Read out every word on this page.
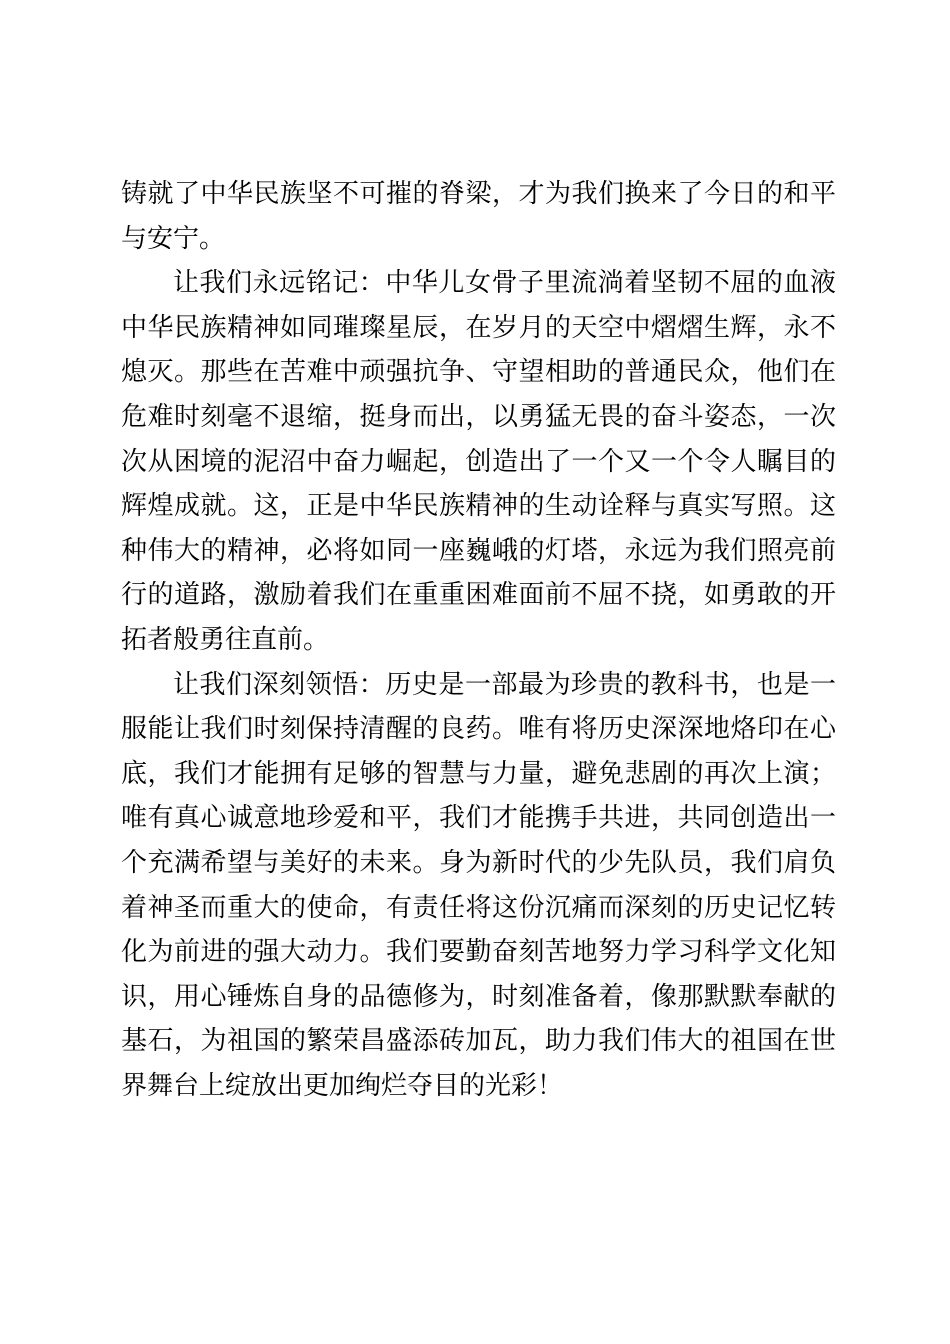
铸就了中华民族坚不可摧的脊梁，才为我们换来了今日的和平
与安宁。
让我们永远铭记：中华儿女骨子里流淌着坚韧不屈的血液
中华民族精神如同璀璨星辰，在岁月的天空中熠熠生辉，永不
熄灭。那些在苦难中顽强抗争、守望相助的普通民众，他们在
危难时刻毫不退缩，挺身而出，以勇猛无畏的奋斗姿态，一次
次从困境的泥沼中奋力崛起，创造出了一个又一个令人瞩目的
辉煌成就。这，正是中华民族精神的生动诠释与真实写照。这
种伟大的精神，必将如同一座巍峨的灯塔，永远为我们照亮前
行的道路，激励着我们在重重困难面前不屈不挠，如勇敢的开
拓者般勇往直前。
让我们深刻领悟：历史是一部最为珍贵的教科书，也是一
服能让我们时刻保持清醒的良药。唯有将历史深深地烙印在心
底，我们才能拥有足够的智慧与力量，避免悲剧的再次上演；
唯有真心诚意地珍爱和平，我们才能携手共进，共同创造出一
个充满希望与美好的未来。身为新时代的少先队员，我们肩负
着神圣而重大的使命，有责任将这份沉痛而深刻的历史记忆转
化为前进的强大动力。我们要勤奋刻苦地努力学习科学文化知
识，用心锤炼自身的品德修为，时刻准备着，像那默默奉献的
基石，为祖国的繁荣昌盛添砖加瓦，助力我们伟大的祖国在世
界舞台上绽放出更加绚烂夺目的光彩！
